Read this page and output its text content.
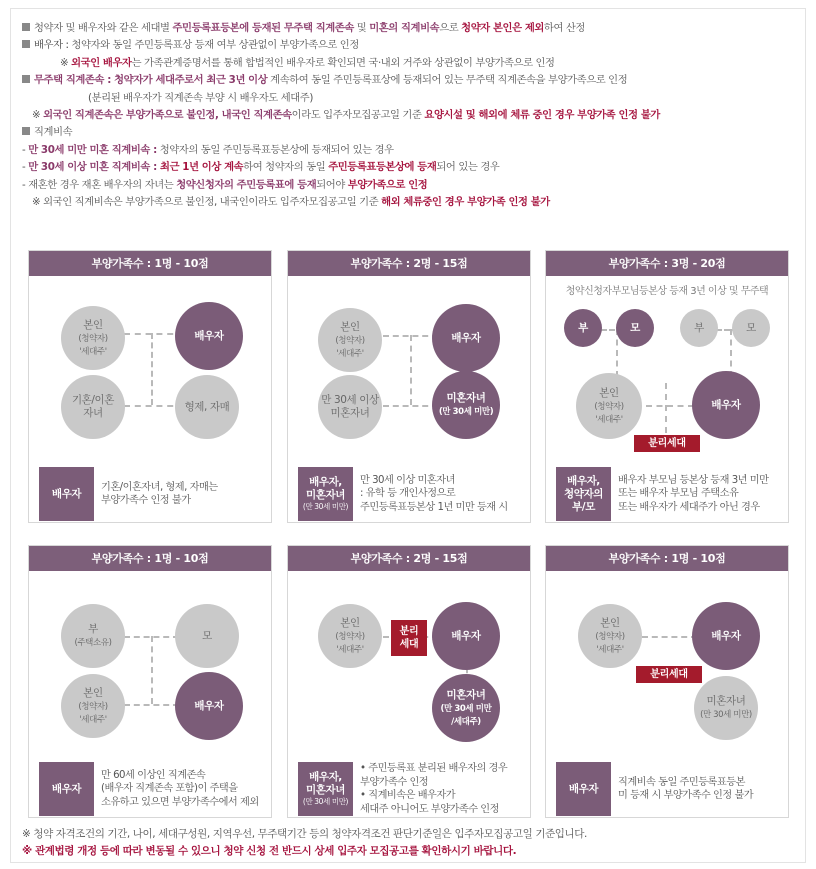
청약자 및 배우자와 같은 세대별 주민등록표등본에 등재된 무주택 직계존속 및 미혼의 직계비속으로 청약자 본인은 제외하여 산정
배우자 : 청약자와 동일 주민등록표상 등재 여부 상관없이 부양가족으로 인정
※ 외국인 배우자는 가족관계증명서를 통해 합법적인 배우자로 확인되면 국·내외 거주와 상관없이 부양가족으로 인정
무주택 직계존속 : 청약자가 세대주로서 최근 3년 이상 계속하여 동일 주민등록표상에 등재되어 있는 무주택 직계존속을 부양가족으로 인정
(분리된 배우자가 직계존속 부양 시 배우자도 세대주)
※ 외국인 직계존속은 부양가족으로 불인정, 내국인 직계존속이라도 입주자모집공고일 기준 요양시설 및 해외에 체류 중인 경우 부양가족 인정 불가
직계비속
- 만 30세 미만 미혼 직계비속 : 청약자의 동일 주민등록표등본상에 등재되어 있는 경우
- 만 30세 이상 미혼 직계비속 : 최근 1년 이상 계속하여 청약자의 동일 주민등록표등본상에 등재되어 있는 경우
- 재혼한 경우 재혼 배우자의 자녀는 청약신청자의 주민등록표에 등재되어야 부양가족으로 인정
※ 외국인 직계비속은 부양가족으로 불인정, 내국인이라도 입주자모집공고일 기준 해외 체류중인 경우 부양가족 인정 불가
부양가족수 : 1명 - 10점
본인
(청약자)
'세대주'
배우자
기혼/이혼
자녀
형제, 자매
배우자
기혼/이혼자녀, 형제, 자매는
부양가족수 인정 불가
부양가족수 : 2명 - 15점
본인
(청약자)
'세대주'
배우자
만 30세 이상
미혼자녀
미혼자녀
(만 30세 미만)
배우자,
미혼자녀
(만 30세 미만)
만 30세 이상 미혼자녀
: 유학 등 개인사정으로
주민등록표등본상 1년 미만 등재 시
부양가족수 : 3명 - 20점
청약신청자부모님등본상 등재 3년 이상 및 무주택
부	모	부	모
본인
(청약자)
'세대주'
배우자
분리세대
배우자,
청약자의
부/모
배우자 부모님 등본상 등재 3년 미만
또는 배우자 부모님 주택소유
또는 배우자가 세대주가 아닌 경우
부양가족수 : 1명 - 10점
부
(주택소유)
모
본인
(청약자)
'세대주'
배우자
배우자
만 60세 이상인 직계존속
(배우자 직계존속 포함)이 주택을
소유하고 있으면 부양가족수에서 제외
부양가족수 : 2명 - 15점
본인
(청약자)
'세대주'
분리
세대
배우자
미혼자녀
(만 30세 미만
/세대주)
배우자,
미혼자녀
(만 30세 미만)
• 주민등록표 분리된 배우자의 경우
부양가족수 인정
• 직계비속은 배우자가
세대주 아니어도 부양가족수 인정
부양가족수 : 1명 - 10점
본인
(청약자)
'세대주'
배우자
분리세대
미혼자녀
(만 30세 미만)
배우자
직계비속 동일 주민등록표등본
미 등재 시 부양가족수 인정 불가
※ 청약 자격조건의 기간, 나이, 세대구성원, 지역우선, 무주택기간 등의 청약자격조건 판단기준일은 입주자모집공고일 기준입니다.
※ 관계법령 개정 등에 따라 변동될 수 있으니 청약 신청 전 반드시 상세 입주자 모집공고를 확인하시기 바랍니다.
